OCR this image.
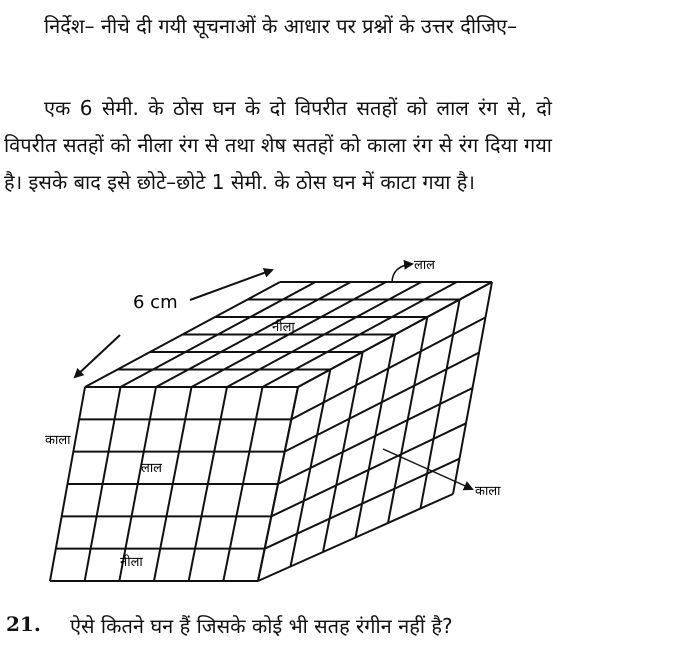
निर्देश– नीचे दी गयी सूचनाओं के आधार पर प्रश्नों के उत्तर दीजिए–

एक 6 सेमी. के ठोस घन के दो विपरीत सतहों को लाल रंग से, दो विपरीत सतहों को नीला रंग से तथा शेष सतहों को काला रंग से रंग दिया गया है। इसके बाद इसे छोटे–छोटे 1 सेमी. के ठोस घन में काटा गया है।

6 cm
लाल
नीला
काला
लाल
नीला
काला
21. ऐसे कितने घन हैं जिसके कोई भी सतह रंगीन नहीं है?
